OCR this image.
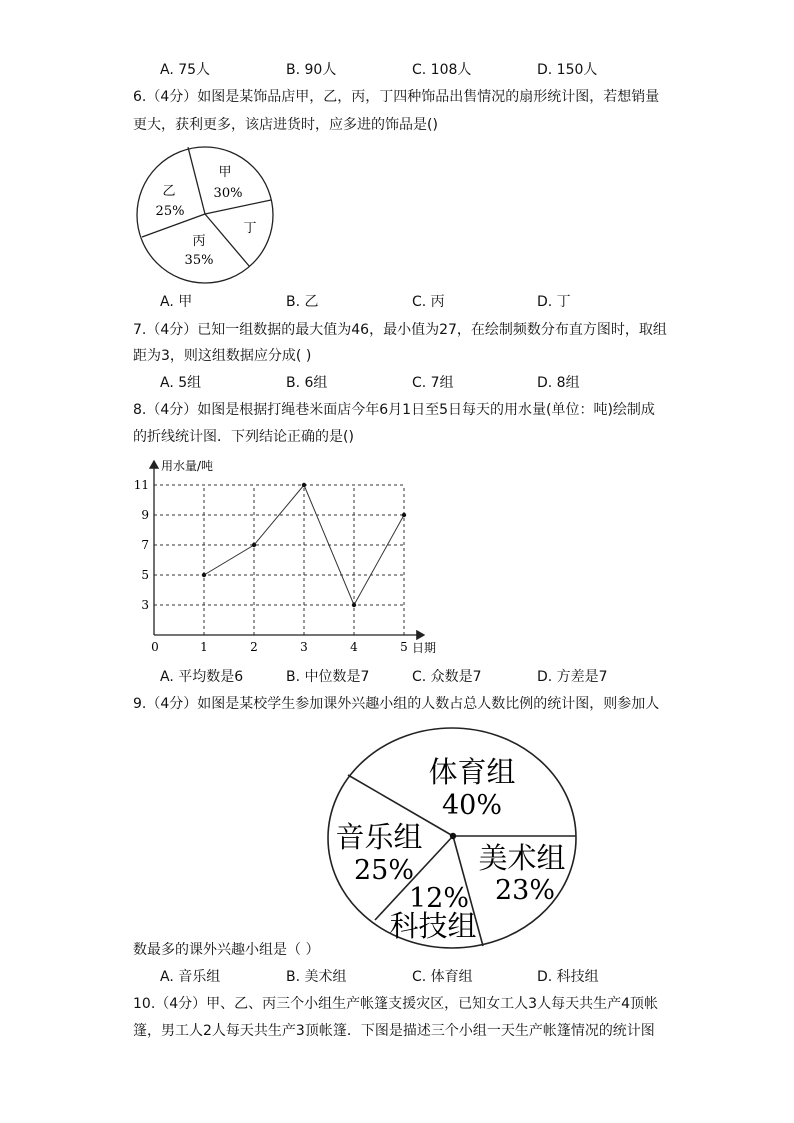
A. 75人	B. 90人	C. 108人	D. 150人
6.（4分）如图是某饰品店甲，乙，丙，丁四种饰品出售情况的扇形统计图，若想销量
更大，获利更多，该店进货时，应多进的饰品是()
甲
30%
乙
25%
丙
35%
丁
A. 甲	B. 乙	C. 丙	D. 丁
7.（4分）已知一组数据的最大值为46，最小值为27，在绘制频数分布直方图时，取组
距为3，则这组数据应分成( )
A. 5组	B. 6组	C. 7组	D. 8组
8.（4分）如图是根据打绳巷米面店今年6月1日至5日每天的用水量(单位：吨)绘制成
的折线统计图．下列结论正确的是()
用水量/吨
日期
0	1	2	3	4	5
3
5
7
9
11
A. 平均数是6	B. 中位数是7	C. 众数是7	D. 方差是7
9.（4分）如图是某校学生参加课外兴趣小组的人数占总人数比例的统计图，则参加人
体育组
40%
音乐组
25% 美术组
23%
12%
科技组
数最多的课外兴趣小组是（ ）
A. 音乐组	B. 美术组	C. 体育组	D. 科技组
10.（4分）甲、乙、丙三个小组生产帐篷支援灾区，已知女工人3人每天共生产4顶帐
篷，男工人2人每天共生产3顶帐篷．下图是描述三个小组一天生产帐篷情况的统计图
